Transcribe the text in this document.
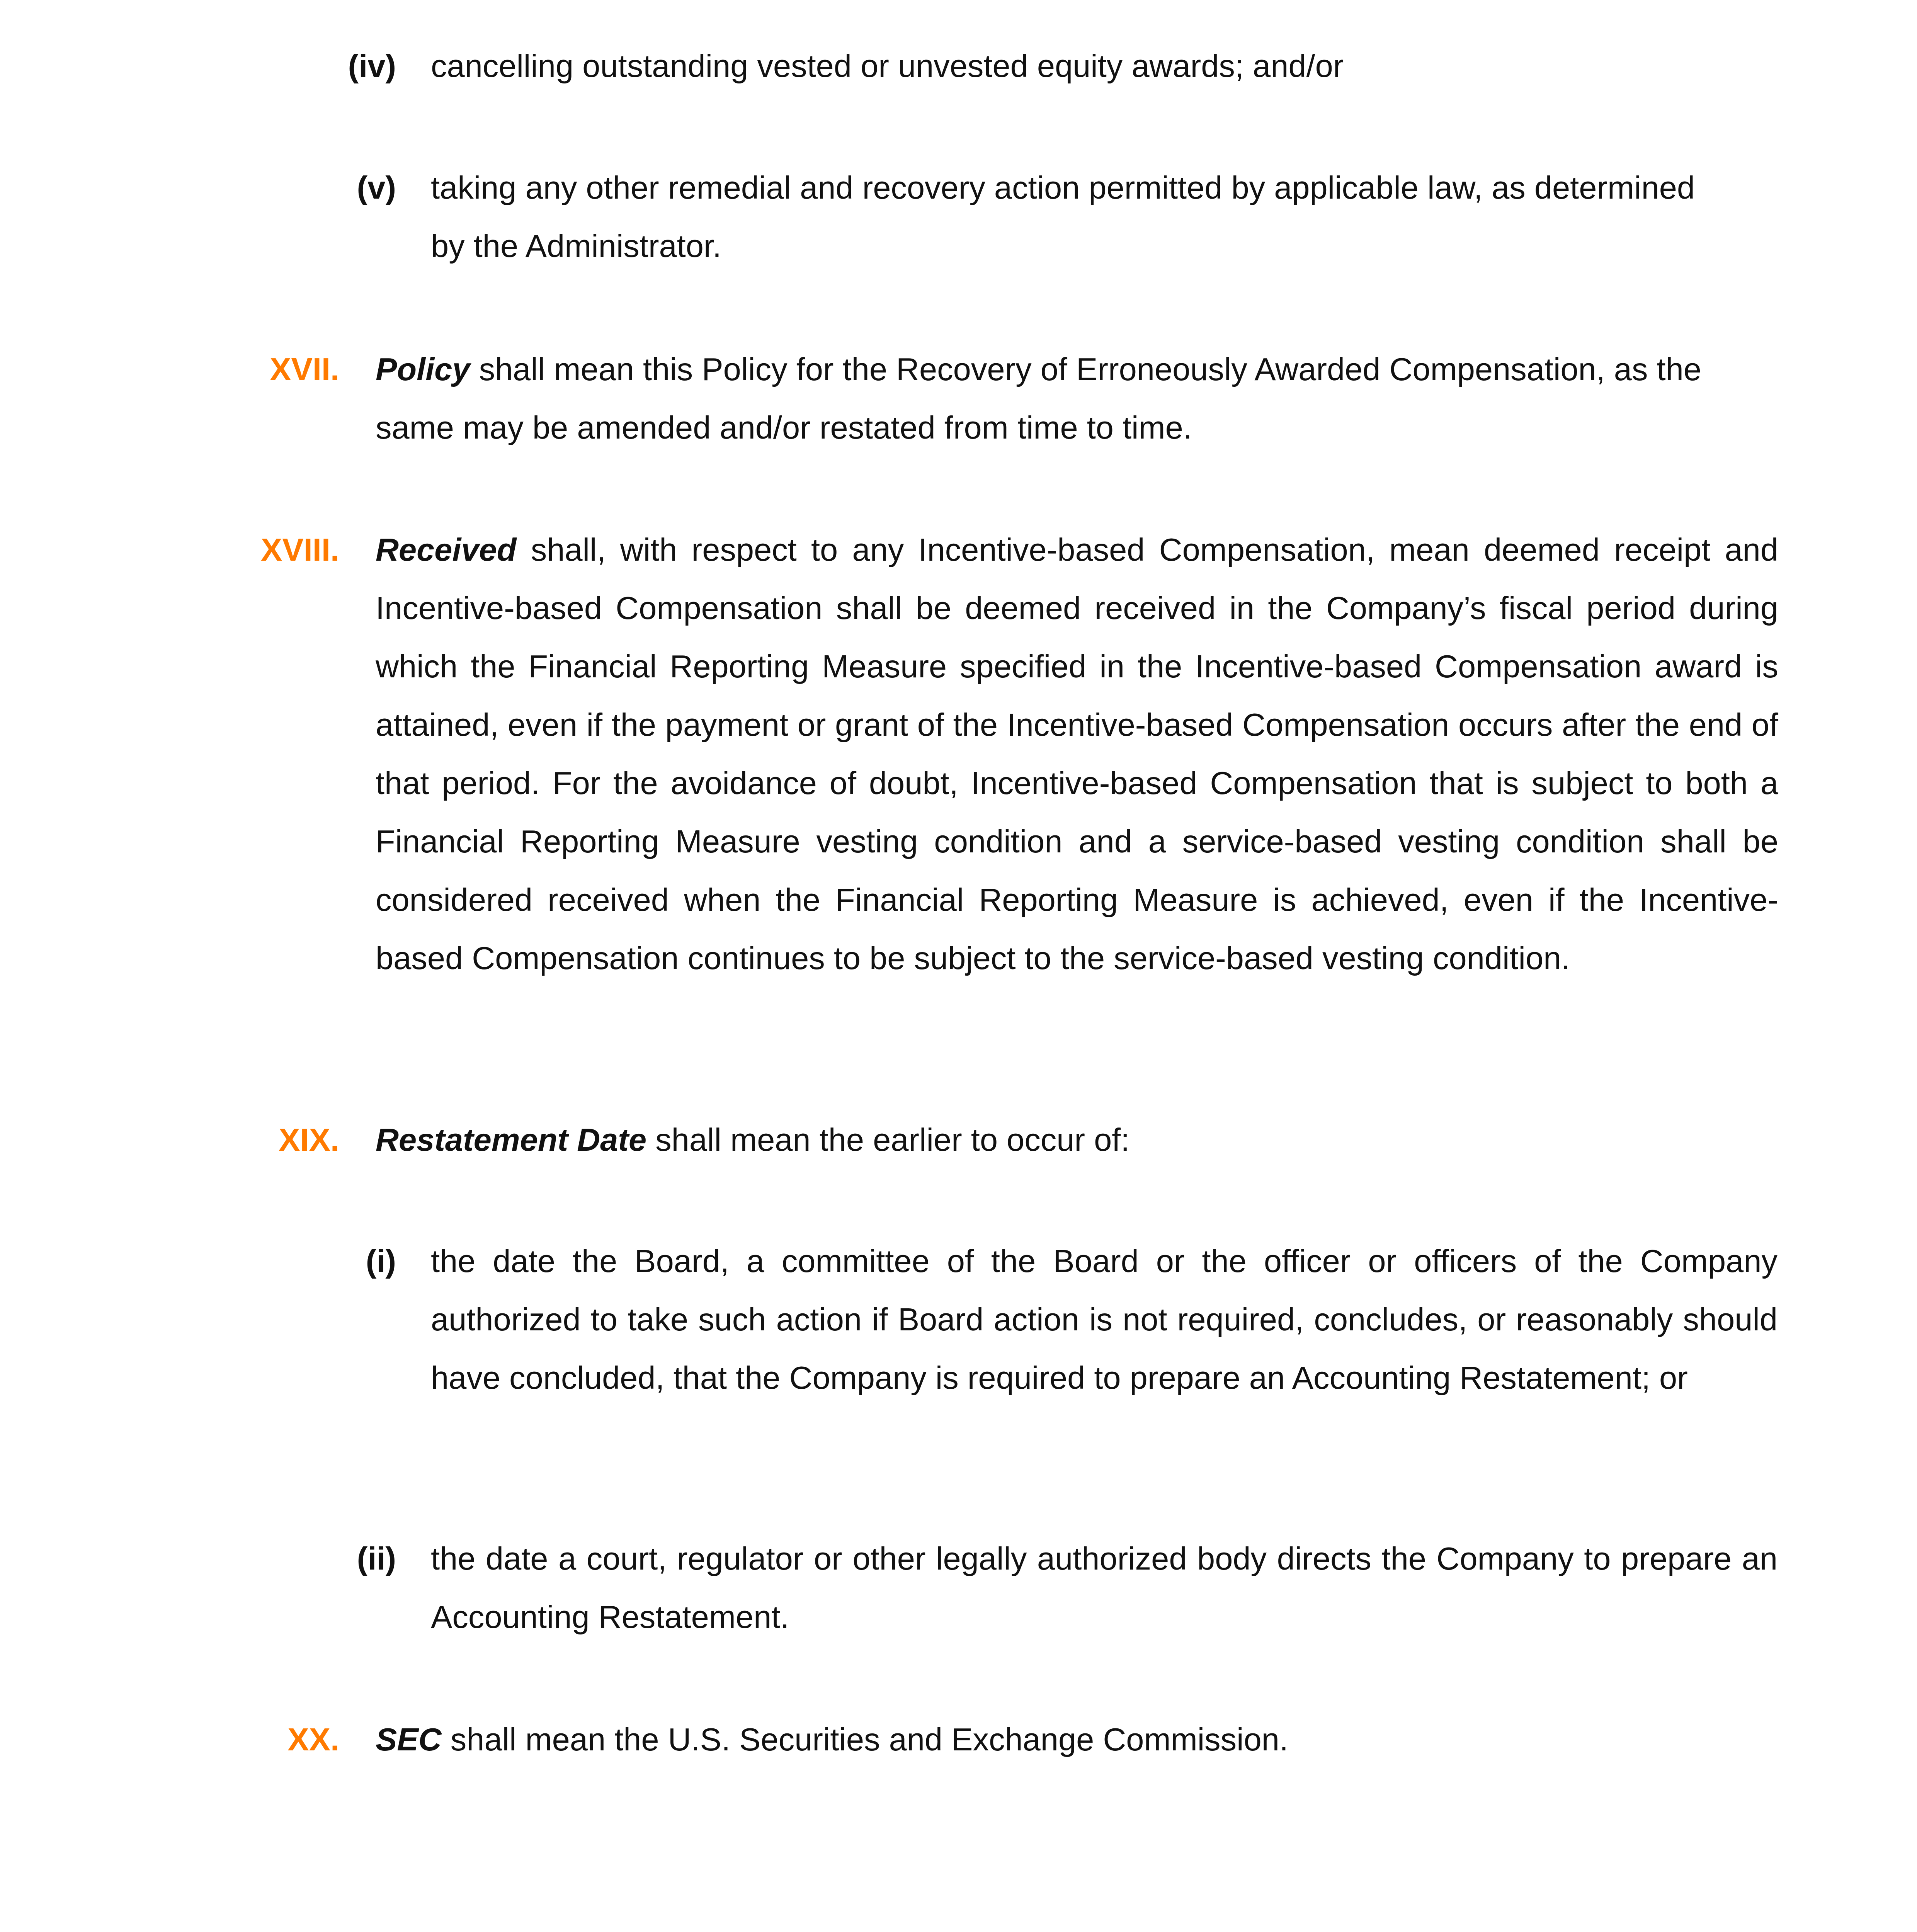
(iv) cancelling outstanding vested or unvested equity awards; and/or
(v) taking any other remedial and recovery action permitted by applicable law, as determined
by the Administrator.
XVII. Policy shall mean this Policy for the Recovery of Erroneously Awarded Compensation, as the
same may be amended and/or restated from time to time.
XVIII. Received shall, with respect to any Incentive-based Compensation, mean deemed receipt and Incentive-based Compensation shall be deemed received in the Company’s fiscal period during which the Financial Reporting Measure specified in the Incentive-based Compensation award is attained, even if the payment or grant of the Incentive-based Compensation occurs after the end of that period. For the avoidance of doubt, Incentive-based Compensation that is subject to both a Financial Reporting Measure vesting condition and a service-based vesting condition shall be considered received when the Financial Reporting Measure is achieved, even if the Incentive-based Compensation continues to be subject to the service-based vesting condition.
XIX. Restatement Date shall mean the earlier to occur of:
(i) the date the Board, a committee of the Board or the officer or officers of the Company authorized to take such action if Board action is not required, concludes, or reasonably should have concluded, that the Company is required to prepare an Accounting Restatement; or
(ii) the date a court, regulator or other legally authorized body directs the Company to prepare an Accounting Restatement.
XX. SEC shall mean the U.S. Securities and Exchange Commission.
